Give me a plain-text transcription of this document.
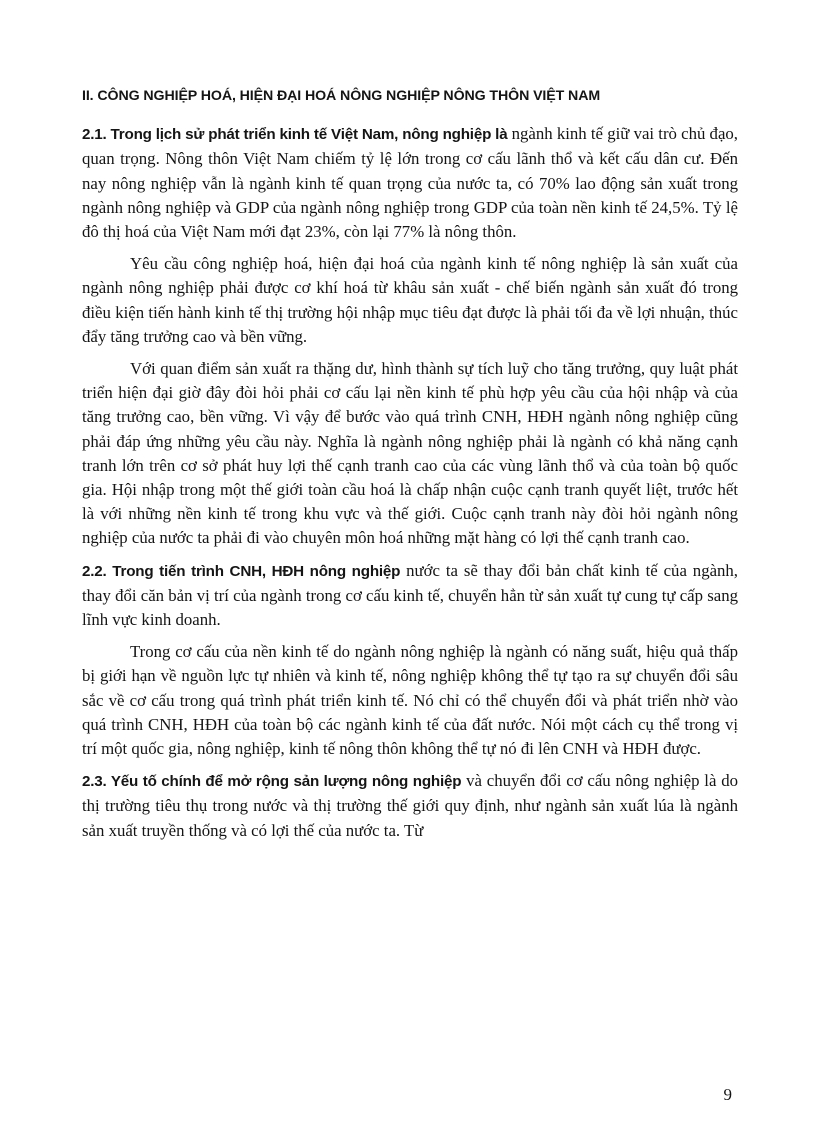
II. CÔNG NGHIỆP HOÁ, HIỆN ĐẠI HOÁ NÔNG NGHIỆP NÔNG THÔN VIỆT NAM

2.1. Trong lịch sử phát triển kinh tế Việt Nam, nông nghiệp là ngành kinh tế giữ vai trò chủ đạo, quan trọng. Nông thôn Việt Nam chiếm tỷ lệ lớn trong cơ cấu lãnh thổ và kết cấu dân cư. Đến nay nông nghiệp vẫn là ngành kinh tế quan trọng của nước ta, có 70% lao động sản xuất trong ngành nông nghiệp và GDP của ngành nông nghiệp trong GDP của toàn nền kinh tế 24,5%. Tỷ lệ đô thị hoá của Việt Nam mới đạt 23%, còn lại 77% là nông thôn.

Yêu cầu công nghiệp hoá, hiện đại hoá của ngành kinh tế nông nghiệp là sản xuất của ngành nông nghiệp phải được cơ khí hoá từ khâu sản xuất - chế biến ngành sản xuất đó trong điều kiện tiến hành kinh tế thị trường hội nhập mục tiêu đạt được là phải tối đa về lợi nhuận, thúc đẩy tăng trưởng cao và bền vững.

Với quan điểm sản xuất ra thặng dư, hình thành sự tích luỹ cho tăng trưởng, quy luật phát triển hiện đại giờ đây đòi hỏi phải cơ cấu lại nền kinh tế phù hợp yêu cầu của hội nhập và của tăng trưởng cao, bền vững. Vì vậy để bước vào quá trình CNH, HĐH ngành nông nghiệp cũng phải đáp ứng những yêu cầu này. Nghĩa là ngành nông nghiệp phải là ngành có khả năng cạnh tranh lớn trên cơ sở phát huy lợi thế cạnh tranh cao của các vùng lãnh thổ và của toàn bộ quốc gia. Hội nhập trong một thế giới toàn cầu hoá là chấp nhận cuộc cạnh tranh quyết liệt, trước hết là với những nền kinh tế trong khu vực và thế giới. Cuộc cạnh tranh này đòi hỏi ngành nông nghiệp của nước ta phải đi vào chuyên môn hoá những mặt hàng có lợi thế cạnh tranh cao.

2.2. Trong tiến trình CNH, HĐH nông nghiệp nước ta sẽ thay đổi bản chất kinh tế của ngành, thay đổi căn bản vị trí của ngành trong cơ cấu kinh tế, chuyển hẳn từ sản xuất tự cung tự cấp sang lĩnh vực kinh doanh.

Trong cơ cấu của nền kinh tế do ngành nông nghiệp là ngành có năng suất, hiệu quả thấp bị giới hạn về nguồn lực tự nhiên và kinh tế, nông nghiệp không thể tự tạo ra sự chuyển đổi sâu sắc về cơ cấu trong quá trình phát triển kinh tế. Nó chỉ có thể chuyển đổi và phát triển nhờ vào quá trình CNH, HĐH của toàn bộ các ngành kinh tế của đất nước. Nói một cách cụ thể trong vị trí một quốc gia, nông nghiệp, kinh tế nông thôn không thể tự nó đi lên CNH và HĐH được.

2.3. Yếu tố chính để mở rộng sản lượng nông nghiệp và chuyển đổi cơ cấu nông nghiệp là do thị trường tiêu thụ trong nước và thị trường thế giới quy định, như ngành sản xuất lúa là ngành sản xuất truyền thống và có lợi thế của nước ta. Từ

9
